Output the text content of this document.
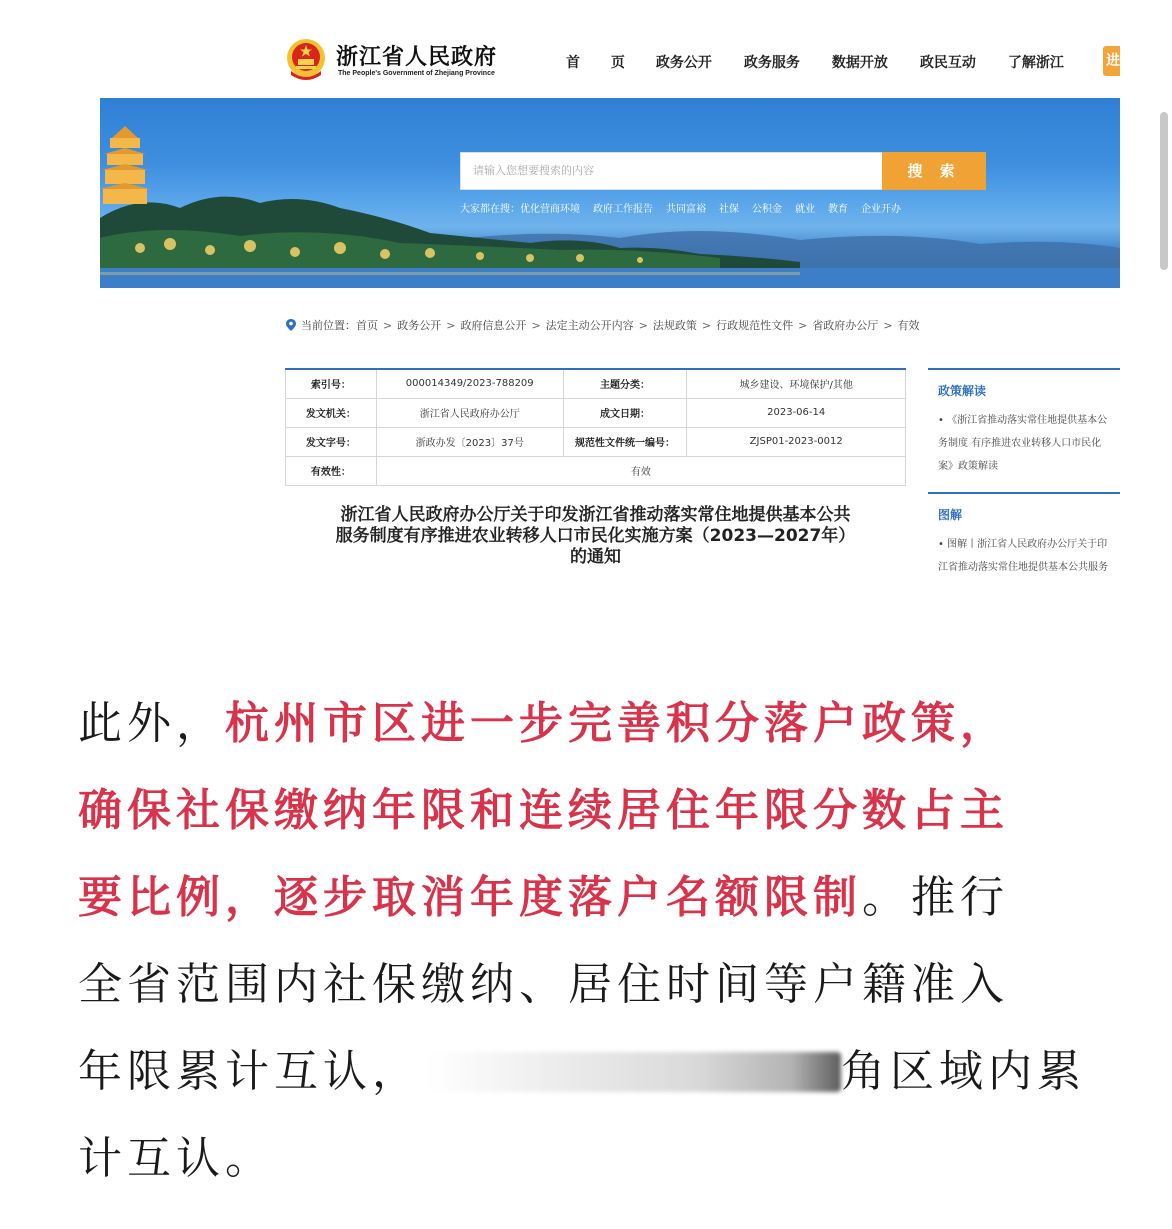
浙江省人民政府
The People's Government of Zhejiang Province
首 页 政务公开 政务服务 数据开放 政民互动 了解浙江	进
请输入您想要搜索的内容	搜 索
大家都在搜：优化营商环境 政府工作报告 共同富裕 社保 公积金 就业 教育 企业开办
当前位置： 首页 > 政务公开 > 政府信息公开 > 法定主动公开内容 > 法规政策 > 行政规范性文件 > 省政府办公厅 > 有效
索引号：	000014349/2023-788209	主题分类：	城乡建设、环境保护/其他
发文机关：	浙江省人民政府办公厅	成文日期：	2023-06-14
发文字号：	浙政办发〔2023〕37号	规范性文件统一编号：	ZJSP01-2023-0012
有效性：	有效		
浙江省人民政府办公厅关于印发浙江省推动落实常住地提供基本公共
服务制度有序推进农业转移人口市民化实施方案（2023—2027年）
的通知
政策解读
• 《浙江省推动落实常住地提供基本公
务制度 有序推进农业转移人口市民化
案》政策解读
图解
• 图解丨浙江省人民政府办公厅关于印
江省推动落实常住地提供基本公共服务
此外，杭州市区进一步完善积分落户政策，
确保社保缴纳年限和连续居住年限分数占主
要比例，逐步取消年度落户名额限制。推行
全省范围内社保缴纳、居住时间等户籍准入
年限累计互认，	角区域内累
计互认。
